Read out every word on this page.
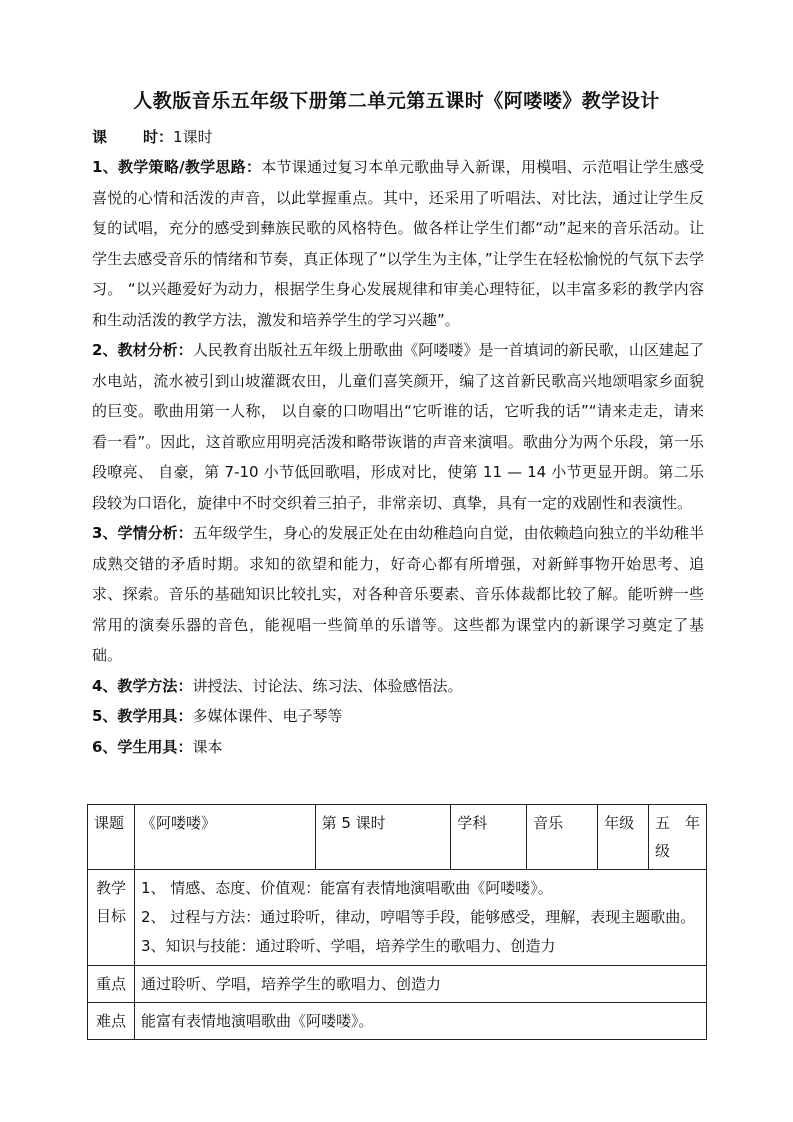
人教版音乐五年级下册第二单元第五课时《阿喽喽》教学设计
课 时：1课时

1、教学策略/教学思路：本节课通过复习本单元歌曲导入新课，用模唱、示范唱让学生感受喜悦的心情和活泼的声音，以此掌握重点。其中，还采用了听唱法、对比法，通过让学生反复的试唱，充分的感受到彝族民歌的风格特色。做各样让学生们都“动”起来的音乐活动。让学生去感受音乐的情绪和节奏，真正体现了“以学生为主体，”让学生在轻松愉悦的气氛下去学习。 “以兴趣爱好为动力，根据学生身心发展规律和审美心理特征，以丰富多彩的教学内容和生动活泼的教学方法，激发和培养学生的学习兴趣”。

2、教材分析：人民教育出版社五年级上册歌曲《阿喽喽》是一首填词的新民歌，山区建起了水电站，流水被引到山坡灌溉农田，儿童们喜笑颜开，编了这首新民歌高兴地颂唱家乡面貌的巨变。歌曲用第一人称， 以自豪的口吻唱出“它听谁的话，它听我的话”“请来走走，请来看一看”。因此，这首歌应用明亮活泼和略带诙谐的声音来演唱。歌曲分为两个乐段，第一乐段嘹亮、 自豪，第 7-10 小节低回歌唱，形成对比，使第 11 — 14 小节更显开朗。第二乐段较为口语化，旋律中不时交织着三拍子，非常亲切、真挚，具有一定的戏剧性和表演性。

3、学情分析：五年级学生，身心的发展正处在由幼稚趋向自觉，由依赖趋向独立的半幼稚半成熟交错的矛盾时期。求知的欲望和能力，好奇心都有所增强，对新鲜事物开始思考、追求、探索。音乐的基础知识比较扎实，对各种音乐要素、音乐体裁都比较了解。能听辨一些常用的演奏乐器的音色，能视唱一些简单的乐谱等。这些都为课堂内的新课学习奠定了基础。

4、教学方法：讲授法、讨论法、练习法、体验感悟法。

5、教学用具：多媒体课件、电子琴等

6、学生用具：课本

课题	《阿喽喽》	第 5 课时	学科	音乐	年级	五　年级
教学目标	1、 情感、态度、价值观：能富有表情地演唱歌曲《阿喽喽》。
2、 过程与方法：通过聆听，律动，哼唱等手段，能够感受，理解，表现主题歌曲。
3、知识与技能：通过聆听、学唱，培养学生的歌唱力、创造力					

重点	通过聆听、学唱，培养学生的歌唱力、创造力					
难点	能富有表情地演唱歌曲《阿喽喽》。					
